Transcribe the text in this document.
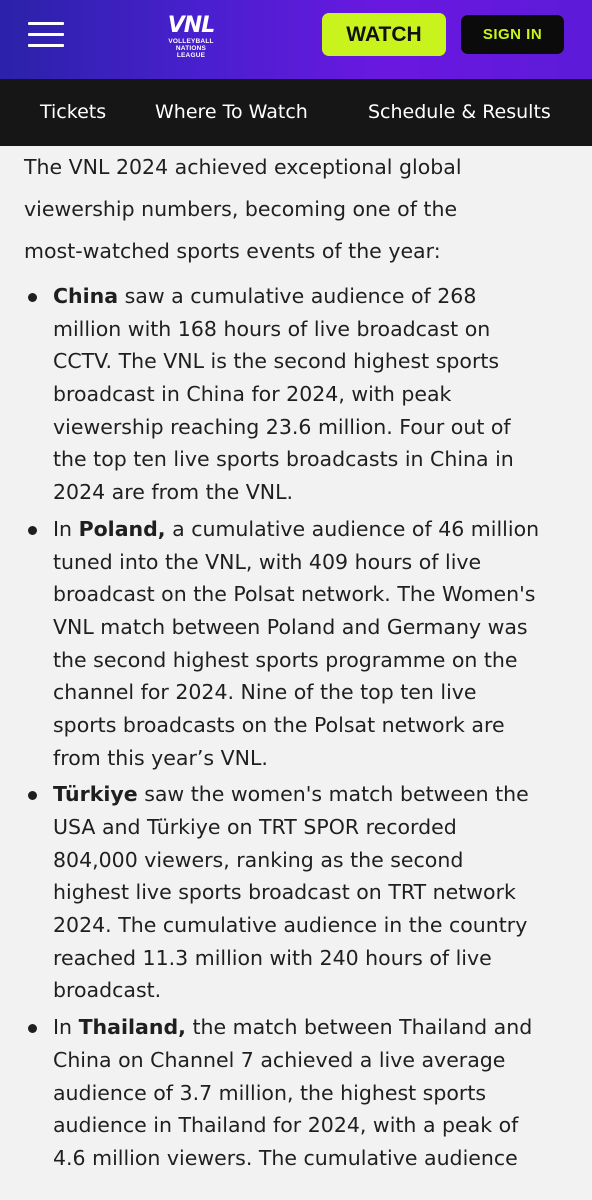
VNL
VOLLEYBALL
NATIONS LEAGUE
WATCH	SIGN IN
Tickets	Where To Watch	Schedule & Results
The VNL 2024 achieved exceptional global
viewership numbers, becoming one of the
most-watched sports events of the year:
China saw a cumulative audience of 268
million with 168 hours of live broadcast on
CCTV. The VNL is the second highest sports
broadcast in China for 2024, with peak
viewership reaching 23.6 million. Four out of
the top ten live sports broadcasts in China in
2024 are from the VNL.
In Poland, a cumulative audience of 46 million
tuned into the VNL, with 409 hours of live
broadcast on the Polsat network. The Women's
VNL match between Poland and Germany was
the second highest sports programme on the
channel for 2024. Nine of the top ten live
sports broadcasts on the Polsat network are
from this year’s VNL.
Türkiye saw the women's match between the
USA and Türkiye on TRT SPOR recorded
804,000 viewers, ranking as the second
highest live sports broadcast on TRT network
2024. The cumulative audience in the country
reached 11.3 million with 240 hours of live
broadcast.
In Thailand, the match between Thailand and
China on Channel 7 achieved a live average
audience of 3.7 million, the highest sports
audience in Thailand for 2024, with a peak of
4.6 million viewers. The cumulative audience
